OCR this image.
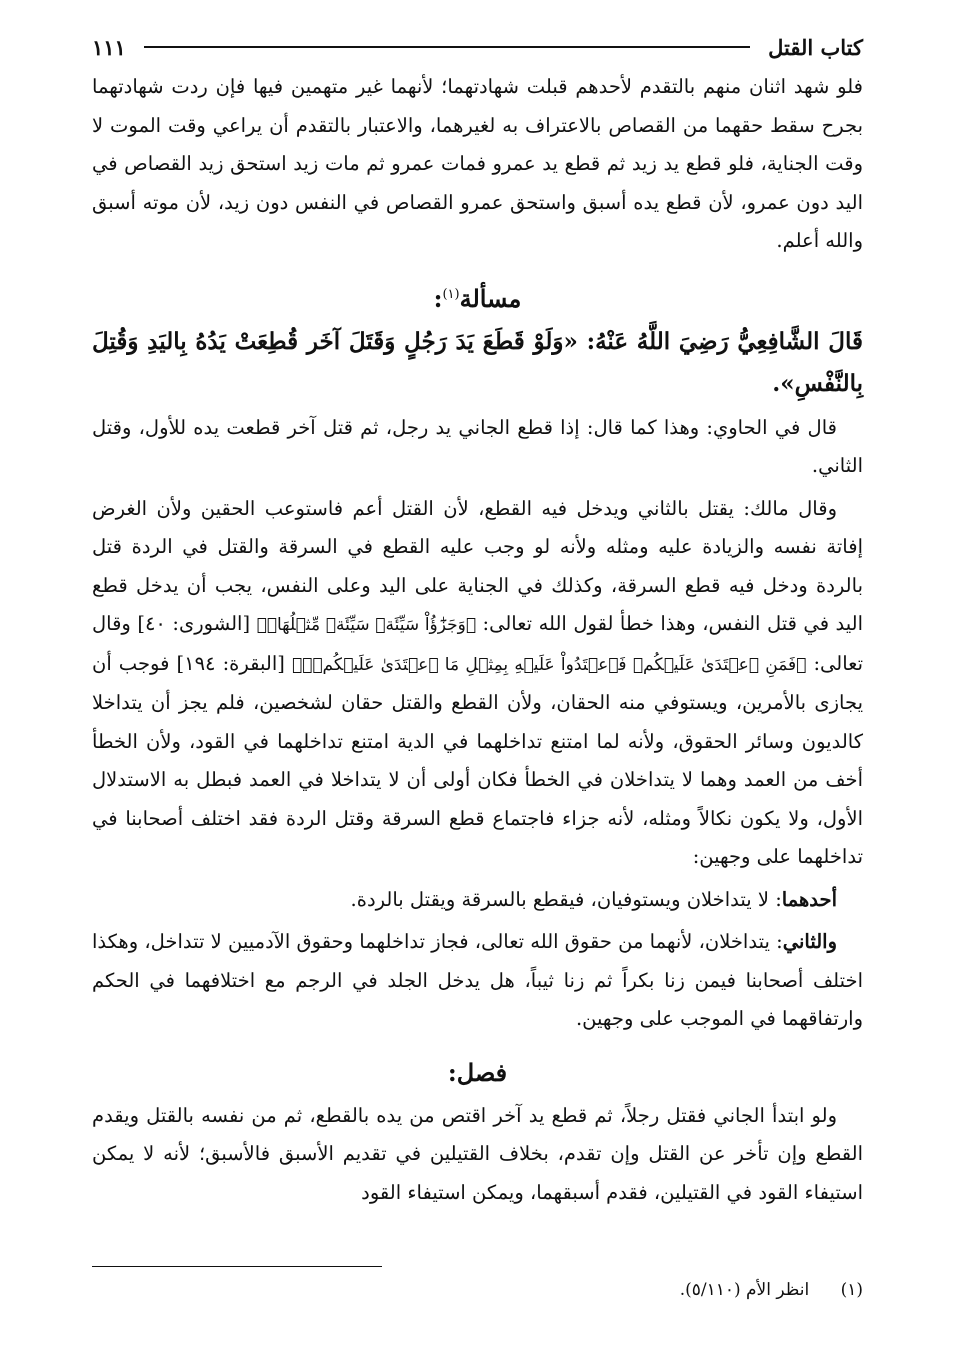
كتاب القتل
١١١

فلو شهد اثنان منهم بالتقدم لأحدهم قبلت شهادتهما؛ لأنهما غير متهمين فيها فإن ردت شهادتهما بجرح سقط حقهما من القصاص بالاعتراف به لغيرهما، والاعتبار بالتقدم أن يراعي وقت الموت لا وقت الجناية، فلو قطع يد زيد ثم قطع يد عمرو فمات عمرو ثم مات زيد استحق زيد القصاص في اليد دون عمرو، لأن قطع يده أسبق واستحق عمرو القصاص في النفس دون زيد، لأن موته أسبق والله أعلم.

مسألة$^{(١)}$:

قَالَ الشَّافِعِيُّ رَضِيَ اللَّهُ عَنْهُ: «وَلَوْ قَطَعَ يَدَ رَجُلٍ وَقَتَلَ آخَر قُطِعَتْ يَدُهُ بِاليَدِ وَقُتِلَ بِالنَّفْسِ».

قال في الحاوي: وهذا كما قال: إذا قطع الجاني يد رجل، ثم قتل آخر قطعت يده للأول، وقتل الثاني.

وقال مالك: يقتل بالثاني ويدخل فيه القطع، لأن القتل أعم فاستوعب الحقين ولأن الغرض إفاتة نفسه والزيادة عليه ومثله ولأنه لو وجب عليه القطع في السرقة والقتل في الردة قتل بالردة ودخل فيه قطع السرقة، وكذلك في الجناية على اليد وعلى النفس، يجب أن يدخل قطع اليد في قتل النفس، وهذا خطأ لقول الله تعالى: ﴿وَجَزَٰٓؤُاْ سَيِّئَةٖ سَيِّئَةٞ مِّثۡلُهَاۚ﴾ [الشورى: ٤٠] وقال تعالى: ﴿فَمَنِ ٱعۡتَدَىٰ عَلَيۡكُمۡ فَٱعۡتَدُواْ عَلَيۡهِ بِمِثۡلِ مَا ٱعۡتَدَىٰ عَلَيۡكُمۡۚ﴾ [البقرة: ١٩٤] فوجب أن يجازى بالأمرين، ويستوفي منه الحقان، ولأن القطع والقتل حقان لشخصين، فلم يجز أن يتداخلا كالديون وسائر الحقوق، ولأنه لما امتنع تداخلهما في الدية امتنع تداخلهما في القود، ولأن الخطأ أخف من العمد وهما لا يتداخلان في الخطأ فكان أولى أن لا يتداخلا في العمد فبطل به الاستدلال الأول، ولا يكون نكالاً ومثله، لأنه جزاء فاجتماع قطع السرقة وقتل الردة فقد اختلف أصحابنا في تداخلهما على وجهين:

أحدهما: لا يتداخلان ويستوفيان، فيقطع بالسرقة ويقتل بالردة.

والثاني: يتداخلان، لأنهما من حقوق الله تعالى، فجاز تداخلهما وحقوق الآدميين لا تتداخل، وهكذا اختلف أصحابنا فيمن زنا بكراً ثم زنا ثيباً، هل يدخل الجلد في الرجم مع اختلافهما في الحكم وارتفاقهما في الموجب على وجهين.

فصل:

ولو ابتدأ الجاني فقتل رجلاً، ثم قطع يد آخر اقتص من يده بالقطع، ثم من نفسه بالقتل ويقدم القطع وإن تأخر عن القتل وإن تقدم، بخلاف القتيلين في تقديم الأسبق فالأسبق؛ لأنه لا يمكن استيفاء القود في القتيلين، فقدم أسبقهما، ويمكن استيفاء القود

(١) انظر الأم (٥/١١٠).
